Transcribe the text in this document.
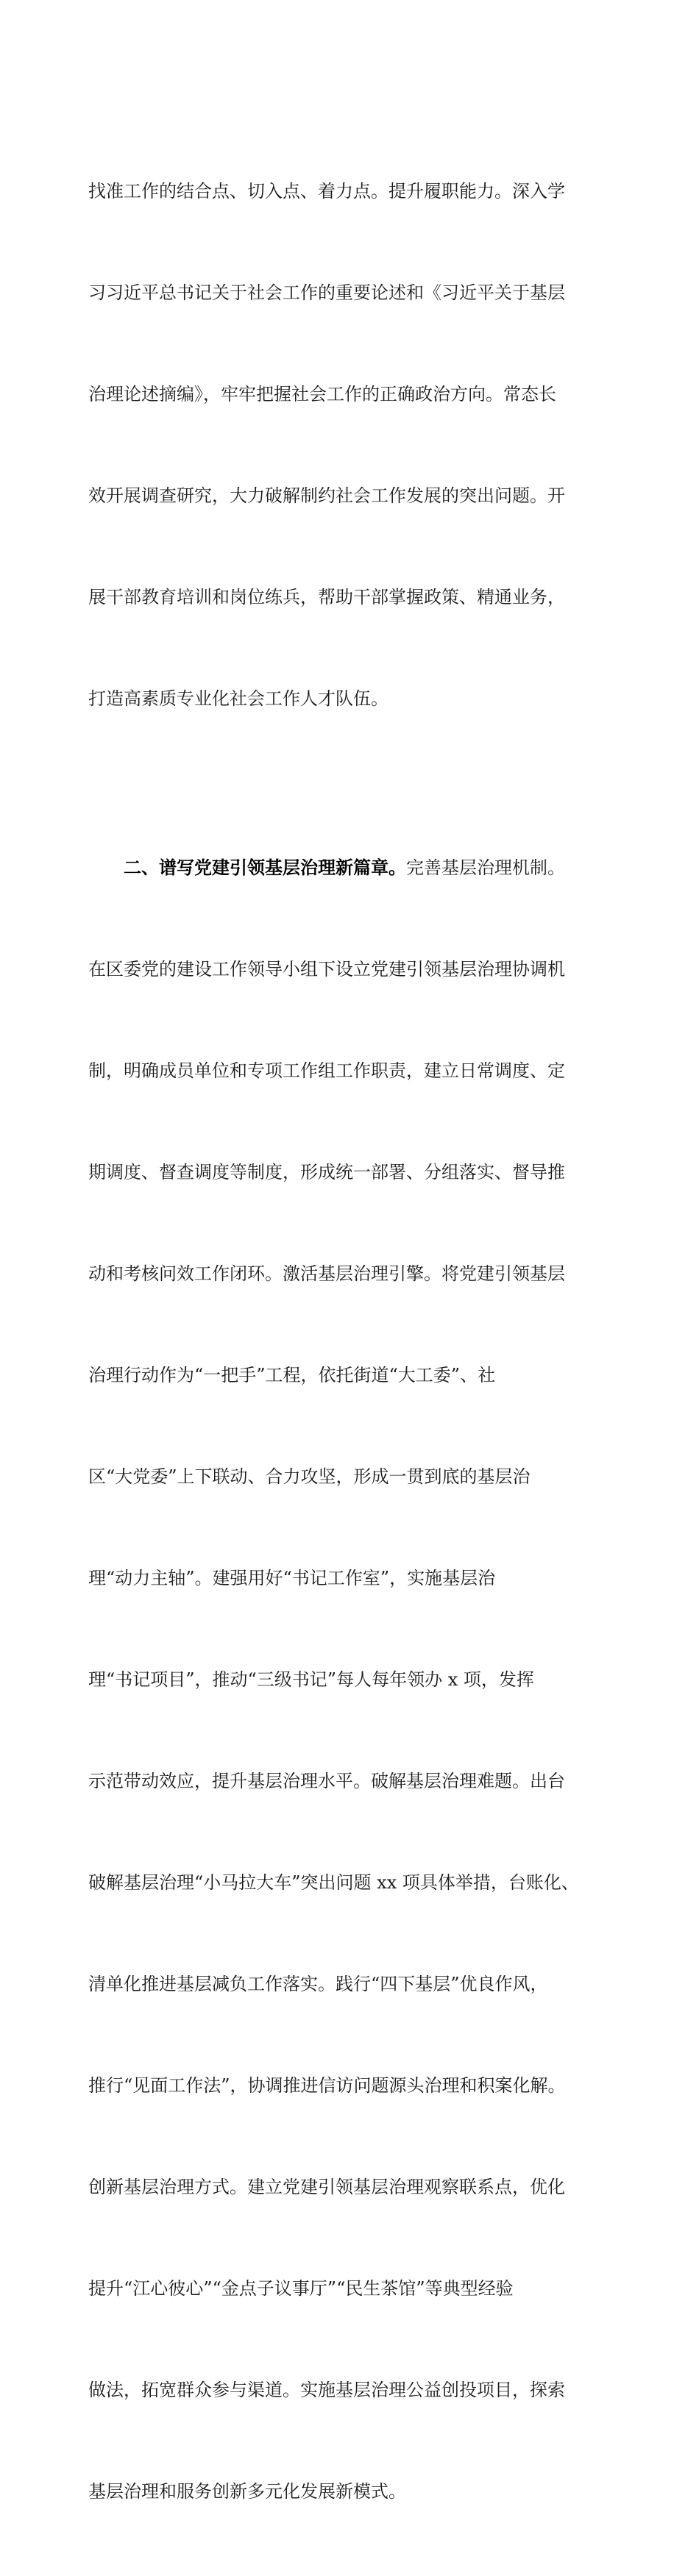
找准工作的结合点、切入点、着力点。提升履职能力。深入学

习习近平总书记关于社会工作的重要论述和《习近平关于基层

治理论述摘编》，牢牢把握社会工作的正确政治方向。常态长

效开展调查研究，大力破解制约社会工作发展的突出问题。开

展干部教育培训和岗位练兵，帮助干部掌握政策、精通业务，

打造高素质专业化社会工作人才队伍。

二、谱写党建引领基层治理新篇章。完善基层治理机制。

在区委党的建设工作领导小组下设立党建引领基层治理协调机

制，明确成员单位和专项工作组工作职责，建立日常调度、定

期调度、督查调度等制度，形成统一部署、分组落实、督导推

动和考核问效工作闭环。激活基层治理引擎。将党建引领基层

治理行动作为“一把手”工程，依托街道“大工委”、社

区“大党委”上下联动、合力攻坚，形成一贯到底的基层治

理“动力主轴”。建强用好“书记工作室”，实施基层治

理“书记项目”，推动“三级书记”每人每年领办 x 项，发挥

示范带动效应，提升基层治理水平。破解基层治理难题。出台

破解基层治理“小马拉大车”突出问题 xx 项具体举措，台账化、

清单化推进基层减负工作落实。践行“四下基层”优良作风，

推行“见面工作法”，协调推进信访问题源头治理和积案化解。

创新基层治理方式。建立党建引领基层治理观察联系点，优化

提升“江心彼心”“金点子议事厅”“民生茶馆”等典型经验

做法，拓宽群众参与渠道。实施基层治理公益创投项目，探索

基层治理和服务创新多元化发展新模式。
